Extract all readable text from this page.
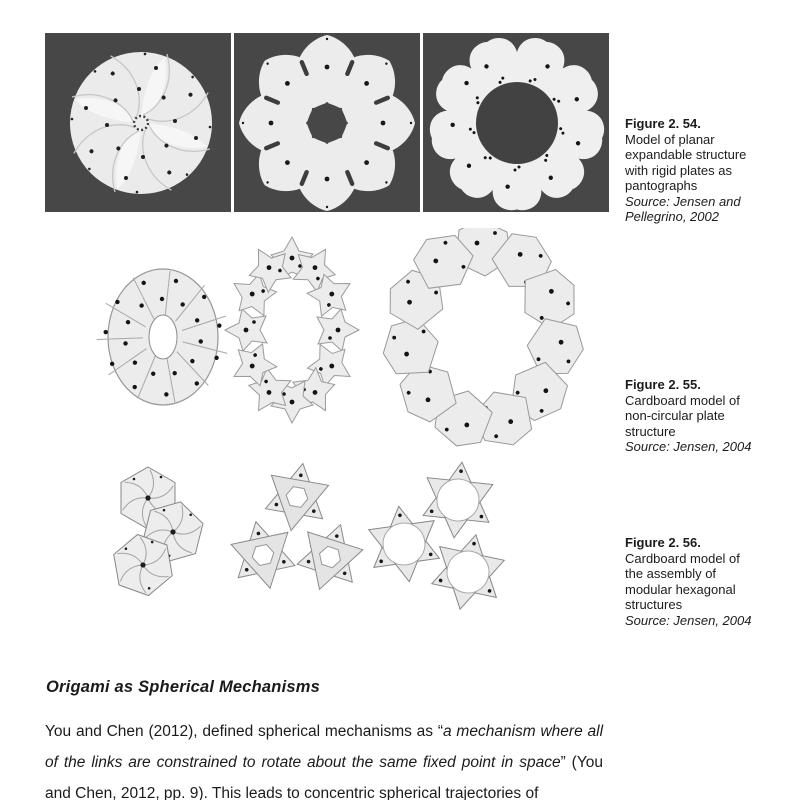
Figure 2. 54.
Model of planar expandable structure with rigid plates as pantographs
Source: Jensen and Pellegrino, 2002
Figure 2. 55.
Cardboard model of non-circular plate structure
Source: Jensen, 2004
Figure 2. 56.
Cardboard model of the assembly of modular hexagonal structures
Source: Jensen, 2004
Origami as Spherical Mechanisms

You and Chen (2012), defined spherical mechanisms as “a mechanism where all of the links are constrained to rotate about the same fixed point in space” (You and Chen, 2012, pp. 9). This leads to concentric spherical trajectories of
